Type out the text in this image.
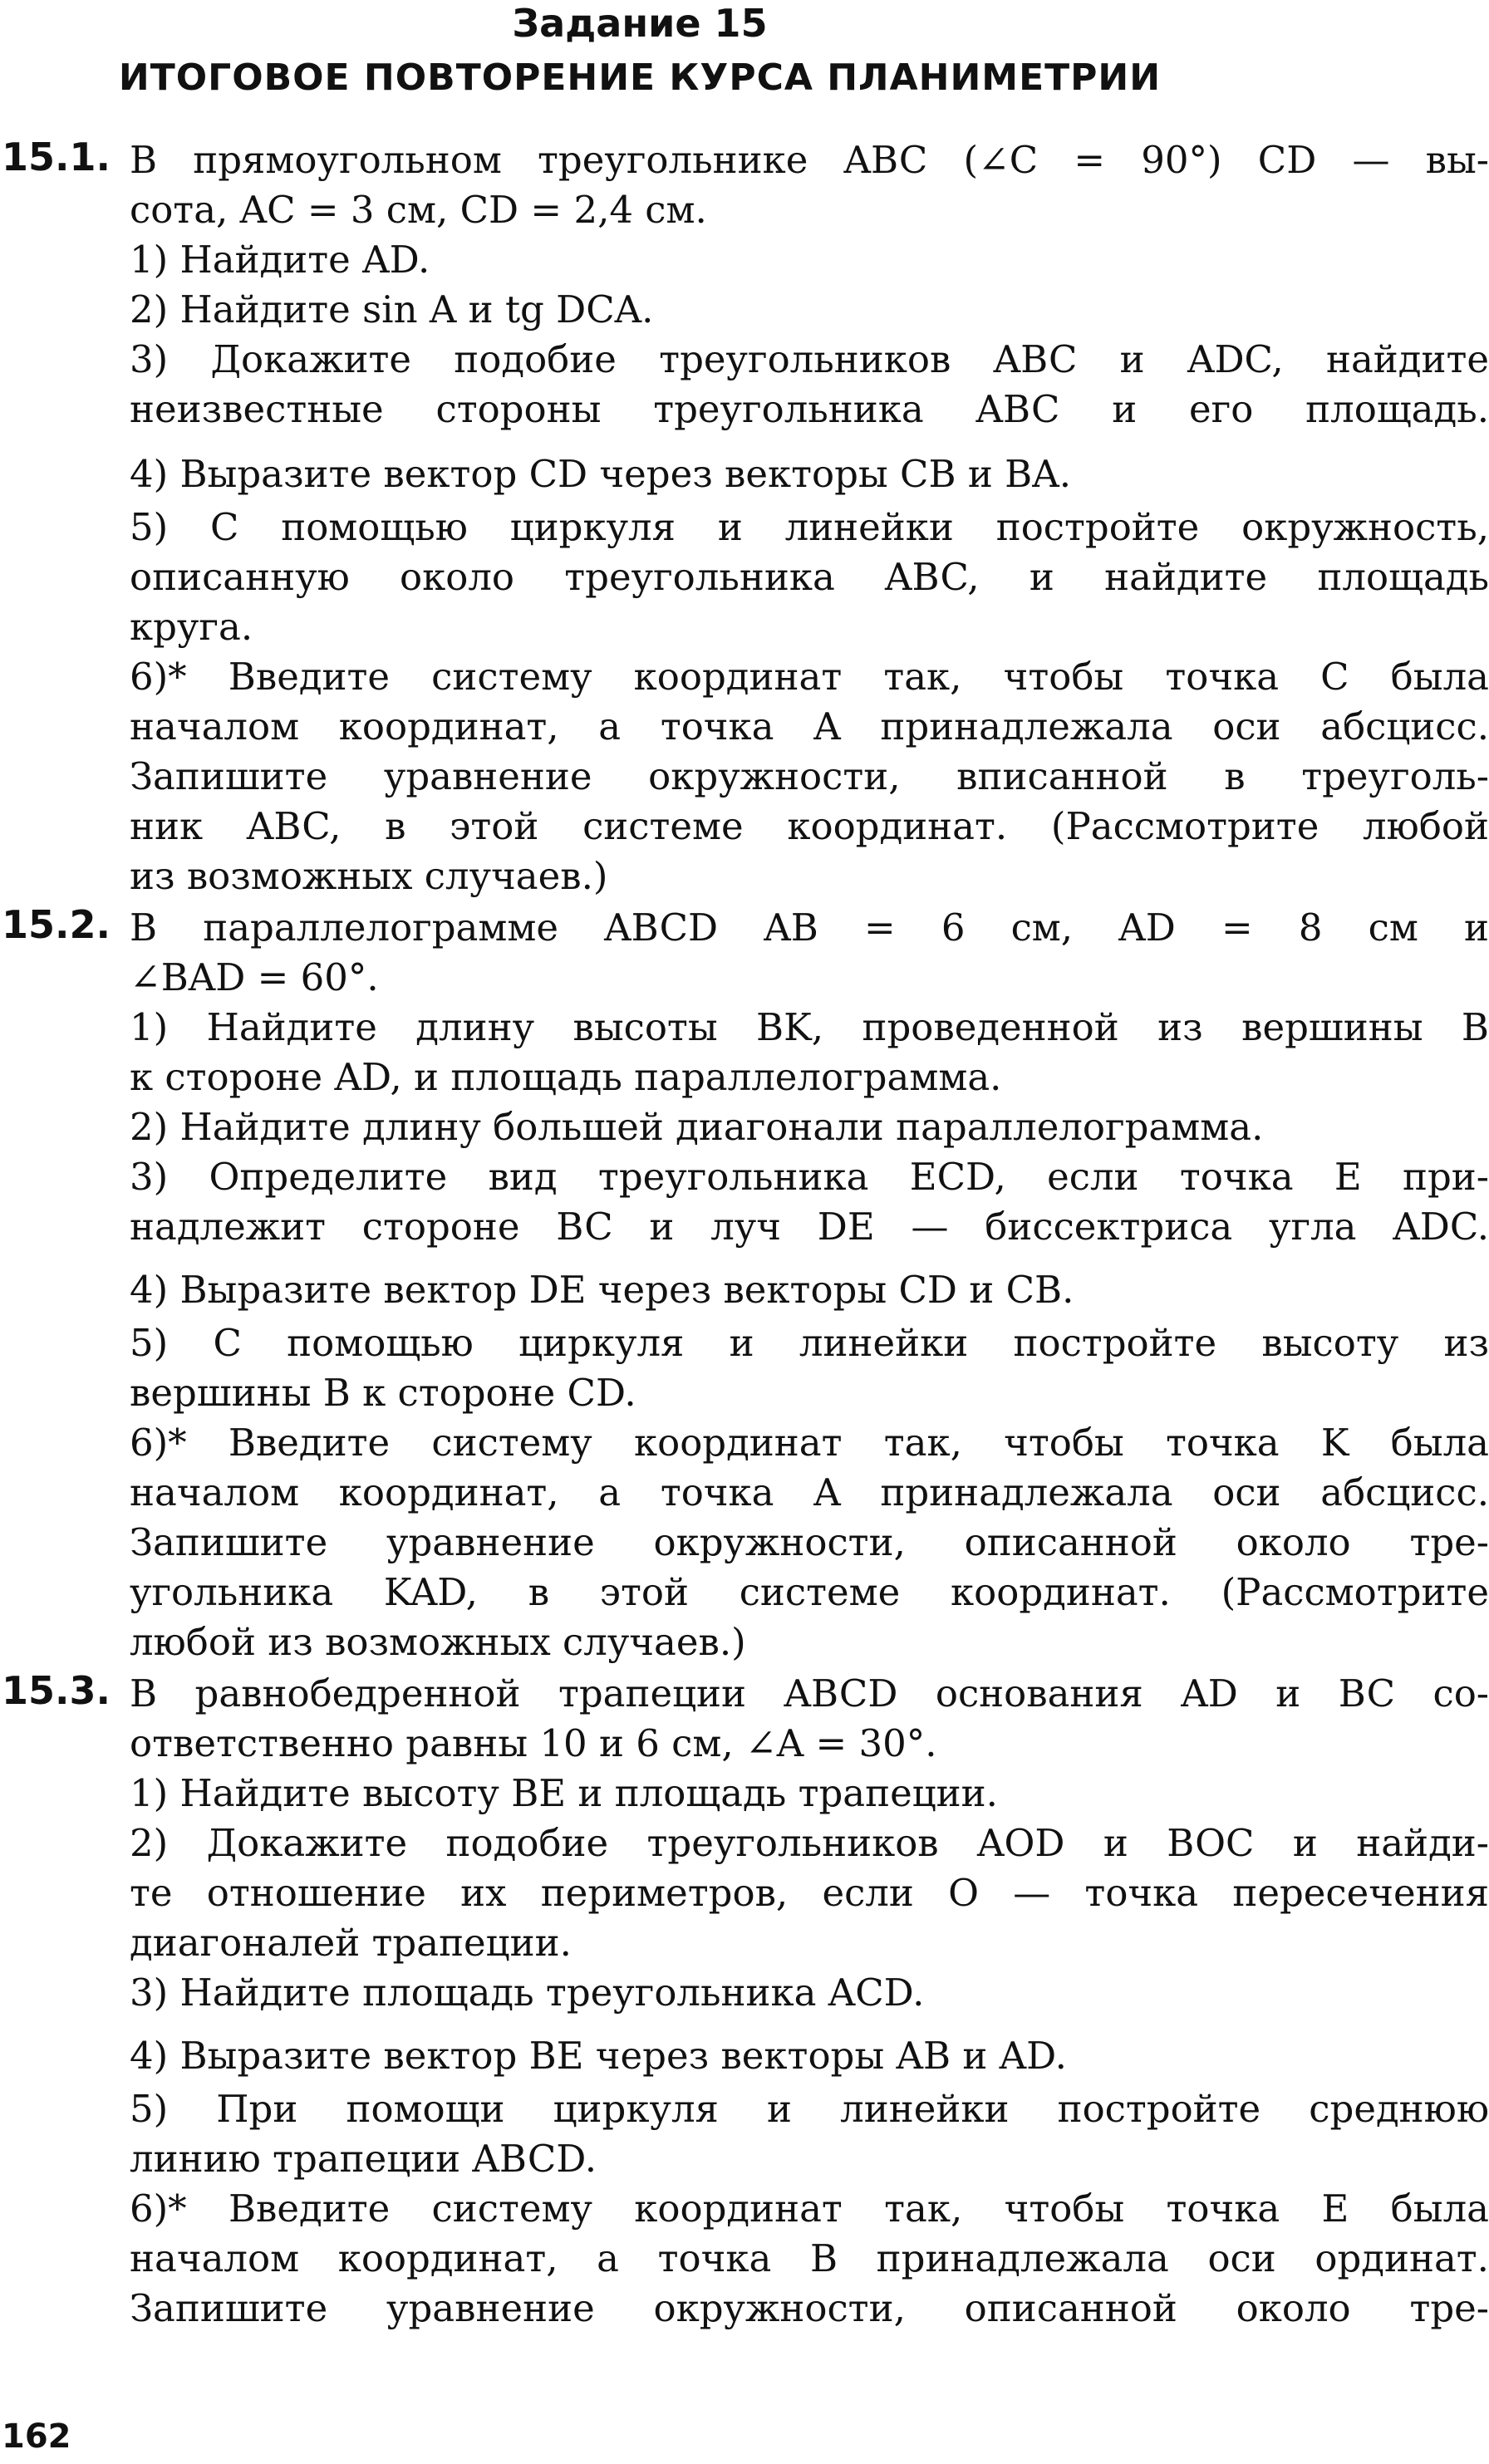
Задание 15
ИТОГОВОЕ ПОВТОРЕНИЕ КУРСА ПЛАНИМЕТРИИ
15.1. В прямоугольном треугольнике ABC (∠C = 90°) CD — вы-
сота, AC = 3 см, CD = 2,4 см.
1) Найдите AD.
2) Найдите sin A и tg DCA.
3) Докажите подобие треугольников ABC и ADC, найдите
неизвестные стороны треугольника ABC и его площадь.
4) Выразите вектор CD через векторы CB и BA.
5) С помощью циркуля и линейки постройте окружность,
описанную около треугольника ABC, и найдите площадь
круга.
6)* Введите систему координат так, чтобы точка C была
началом координат, а точка A принадлежала оси абсцисс.
Запишите уравнение окружности, вписанной в треуголь-
ник ABC, в этой системе координат. (Рассмотрите любой
из возможных случаев.)
15.2. В параллелограмме ABCD AB = 6 см, AD = 8 см и
∠BAD = 60°.
1) Найдите длину высоты BK, проведенной из вершины B
к стороне AD, и площадь параллелограмма.
2) Найдите длину большей диагонали параллелограмма.
3) Определите вид треугольника ECD, если точка E при-
надлежит стороне BC и луч DE — биссектриса угла ADC.
4) Выразите вектор DE через векторы CD и CB.
5) С помощью циркуля и линейки постройте высоту из
вершины B к стороне CD.
6)* Введите систему координат так, чтобы точка K была
началом координат, а точка A принадлежала оси абсцисс.
Запишите уравнение окружности, описанной около тре-
угольника KAD, в этой системе координат. (Рассмотрите
любой из возможных случаев.)
15.3. В равнобедренной трапеции ABCD основания AD и BC со-
ответственно равны 10 и 6 см, ∠A = 30°.
1) Найдите высоту BE и площадь трапеции.
2) Докажите подобие треугольников AOD и BOC и найди-
те отношение их периметров, если O — точка пересечения
диагоналей трапеции.
3) Найдите площадь треугольника ACD.
4) Выразите вектор BE через векторы AB и AD.
5) При помощи циркуля и линейки постройте среднюю
линию трапеции ABCD.
6)* Введите систему координат так, чтобы точка E была
началом координат, а точка B принадлежала оси ординат.
Запишите уравнение окружности, описанной около тре-
162
